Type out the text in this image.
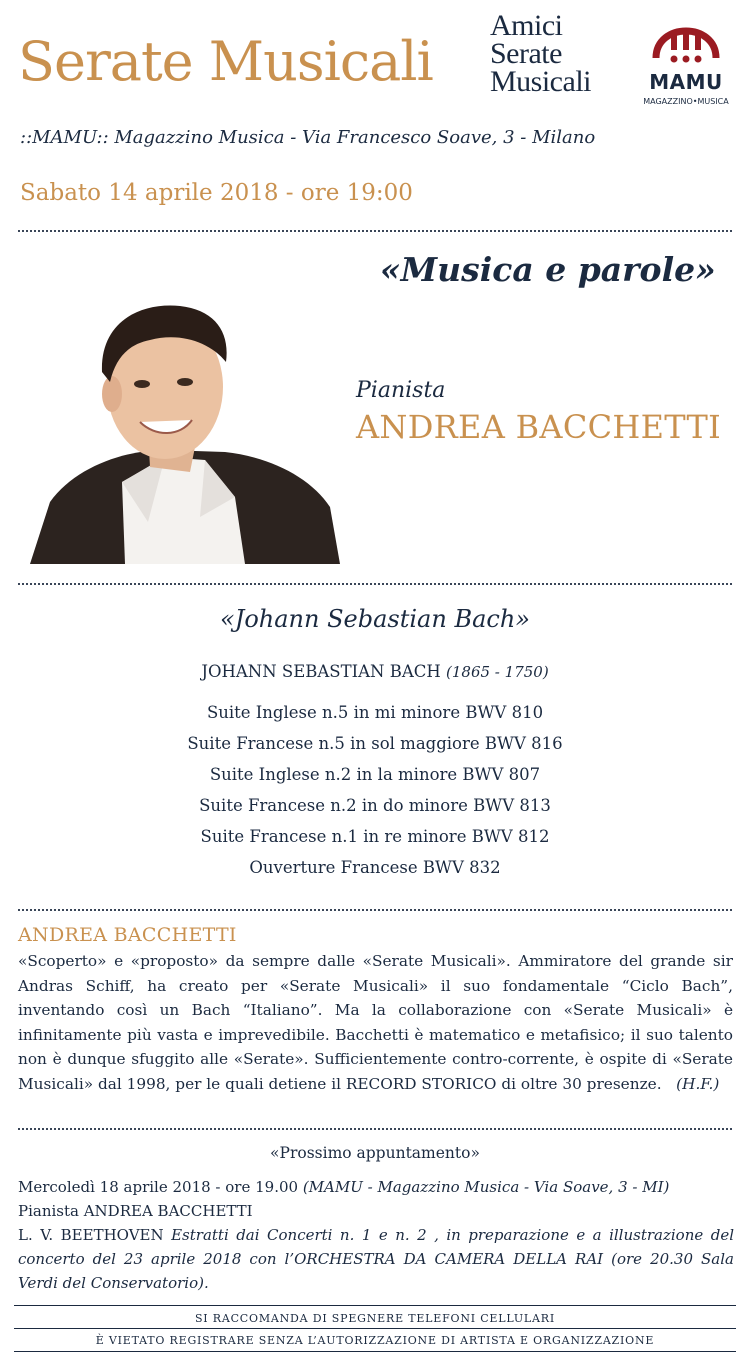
Serate Musicali
Amici
Serate
Musicali	MAMU
MAGAZZINO•MUSICA
::MAMU:: Magazzino Musica - Via Francesco Soave, 3 - Milano
Sabato 14 aprile 2018 - ore 19:00
«Musica e parole»
Pianista
ANDREA BACCHETTI
«Johann Sebastian Bach»
JOHANN SEBASTIAN BACH (1865 - 1750)
Suite Inglese n.5 in mi minore BWV 810
Suite Francese n.5 in sol maggiore BWV 816
Suite Inglese n.2 in la minore BWV 807
Suite Francese n.2 in do minore BWV 813
Suite Francese n.1 in re minore BWV 812
Ouverture Francese BWV 832
ANDREA BACCHETTI
«Scoperto» e «proposto» da sempre dalle «Serate Musicali». Ammiratore del grande sir Andras Schiff, ha creato per «Serate Musicali» il suo fondamentale “Ciclo Bach”, inventando così un Bach “Italiano”. Ma la collaborazione con «Serate Musicali» è infinitamente più vasta e imprevedibile. Bacchetti è matematico e metafisico; il suo talento non è dunque sfuggito alle «Serate». Sufficientemente contro-corrente, è ospite di «Serate Musicali» dal 1998, per le quali detiene il RECORD STORICO di oltre 30 presenze. (H.F.)
«Prossimo appuntamento»
Mercoledì 18 aprile 2018 - ore 19.00 (MAMU - Magazzino Musica - Via Soave, 3 - MI)
Pianista ANDREA BACCHETTI
L. V. BEETHOVEN Estratti dai Concerti n. 1 e n. 2 , in preparazione e a illustrazione del concerto del 23 aprile 2018 con l’ORCHESTRA DA CAMERA DELLA RAI (ore 20.30 Sala Verdi del Conservatorio).
SI RACCOMANDA DI SPEGNERE TELEFONI CELLULARI
È VIETATO REGISTRARE SENZA L’AUTORIZZAZIONE DI ARTISTA E ORGANIZZAZIONE
